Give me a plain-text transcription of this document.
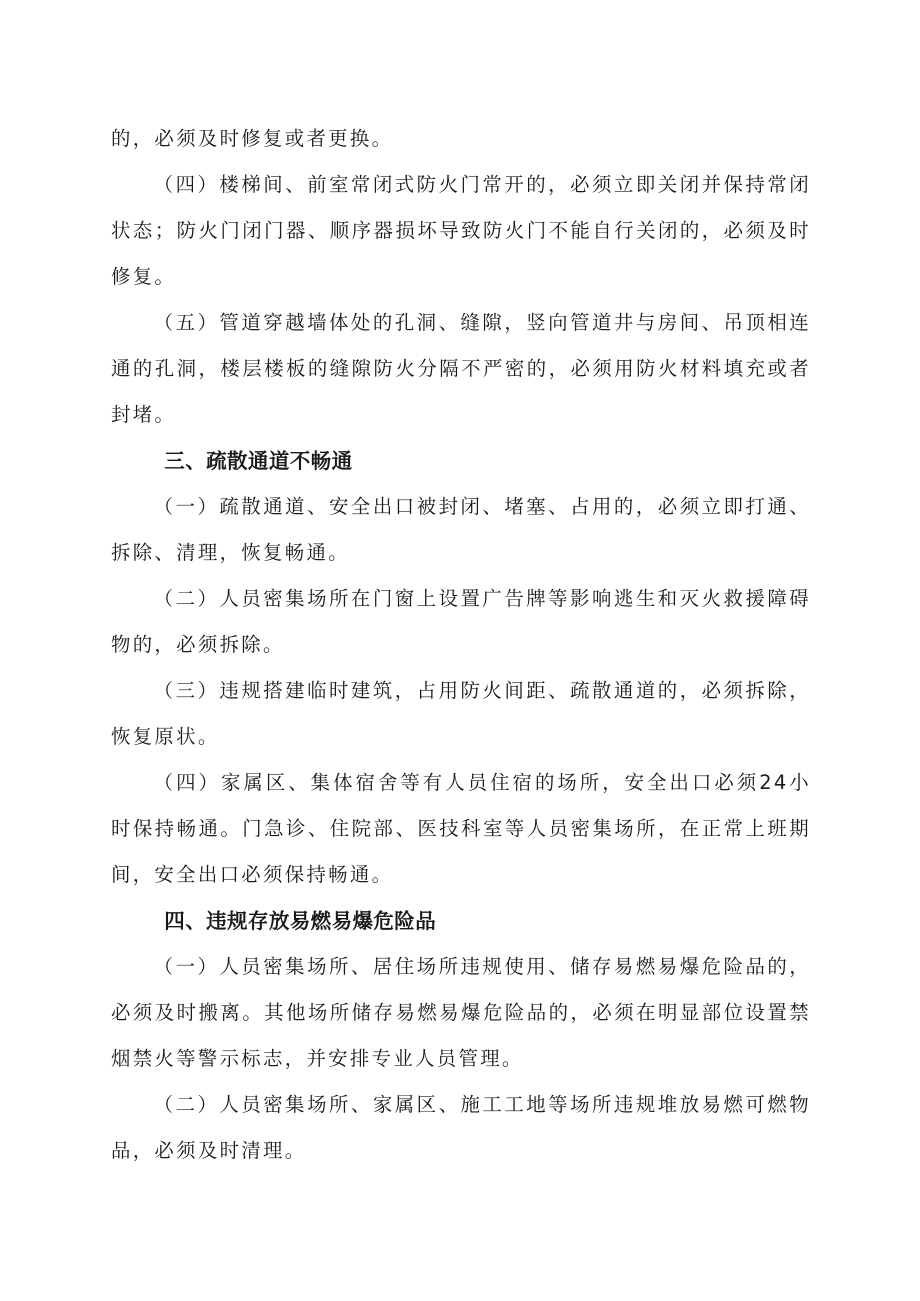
的，必须及时修复或者更换。

（四）楼梯间、前室常闭式防火门常开的，必须立即关闭并保持常闭状态；防火门闭门器、顺序器损坏导致防火门不能自行关闭的，必须及时修复。

（五）管道穿越墙体处的孔洞、缝隙，竖向管道井与房间、吊顶相连通的孔洞，楼层楼板的缝隙防火分隔不严密的，必须用防火材料填充或者封堵。

三、疏散通道不畅通

（一）疏散通道、安全出口被封闭、堵塞、占用的，必须立即打通、拆除、清理，恢复畅通。

（二）人员密集场所在门窗上设置广告牌等影响逃生和灭火救援障碍物的，必须拆除。

（三）违规搭建临时建筑，占用防火间距、疏散通道的，必须拆除，恢复原状。

（四）家属区、集体宿舍等有人员住宿的场所，安全出口必须24小时保持畅通。门急诊、住院部、医技科室等人员密集场所，在正常上班期间，安全出口必须保持畅通。

四、违规存放易燃易爆危险品

（一）人员密集场所、居住场所违规使用、储存易燃易爆危险品的，必须及时搬离。其他场所储存易燃易爆危险品的，必须在明显部位设置禁烟禁火等警示标志，并安排专业人员管理。

（二）人员密集场所、家属区、施工工地等场所违规堆放易燃可燃物品，必须及时清理。
